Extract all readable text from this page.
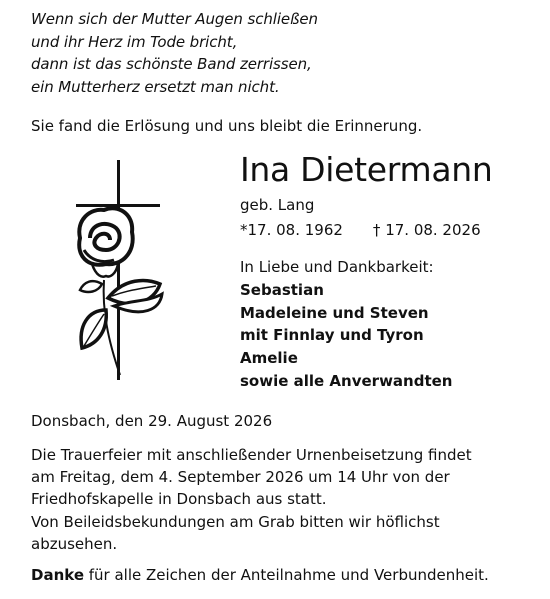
Wenn sich der Mutter Augen schließen
und ihr Herz im Tode bricht,
dann ist das schönste Band zerrissen,
ein Mutterherz ersetzt man nicht.
Sie fand die Erlösung und uns bleibt die Erinnerung.
Ina Dietermann
geb. Lang
*17. 08. 1962 † 17. 08. 2026
In Liebe und Dankbarkeit:
Sebastian
Madeleine und Steven
mit Finnlay und Tyron
Amelie
sowie alle Anverwandten
Donsbach, den 29. August 2026
Die Trauerfeier mit anschließender Urnenbeisetzung findet
am Freitag, dem 4. September 2026 um 14 Uhr von der
Friedhofskapelle in Donsbach aus statt.
Von Beileidsbekundungen am Grab bitten wir höflichst
abzusehen.
Danke für alle Zeichen der Anteilnahme und Verbundenheit.
